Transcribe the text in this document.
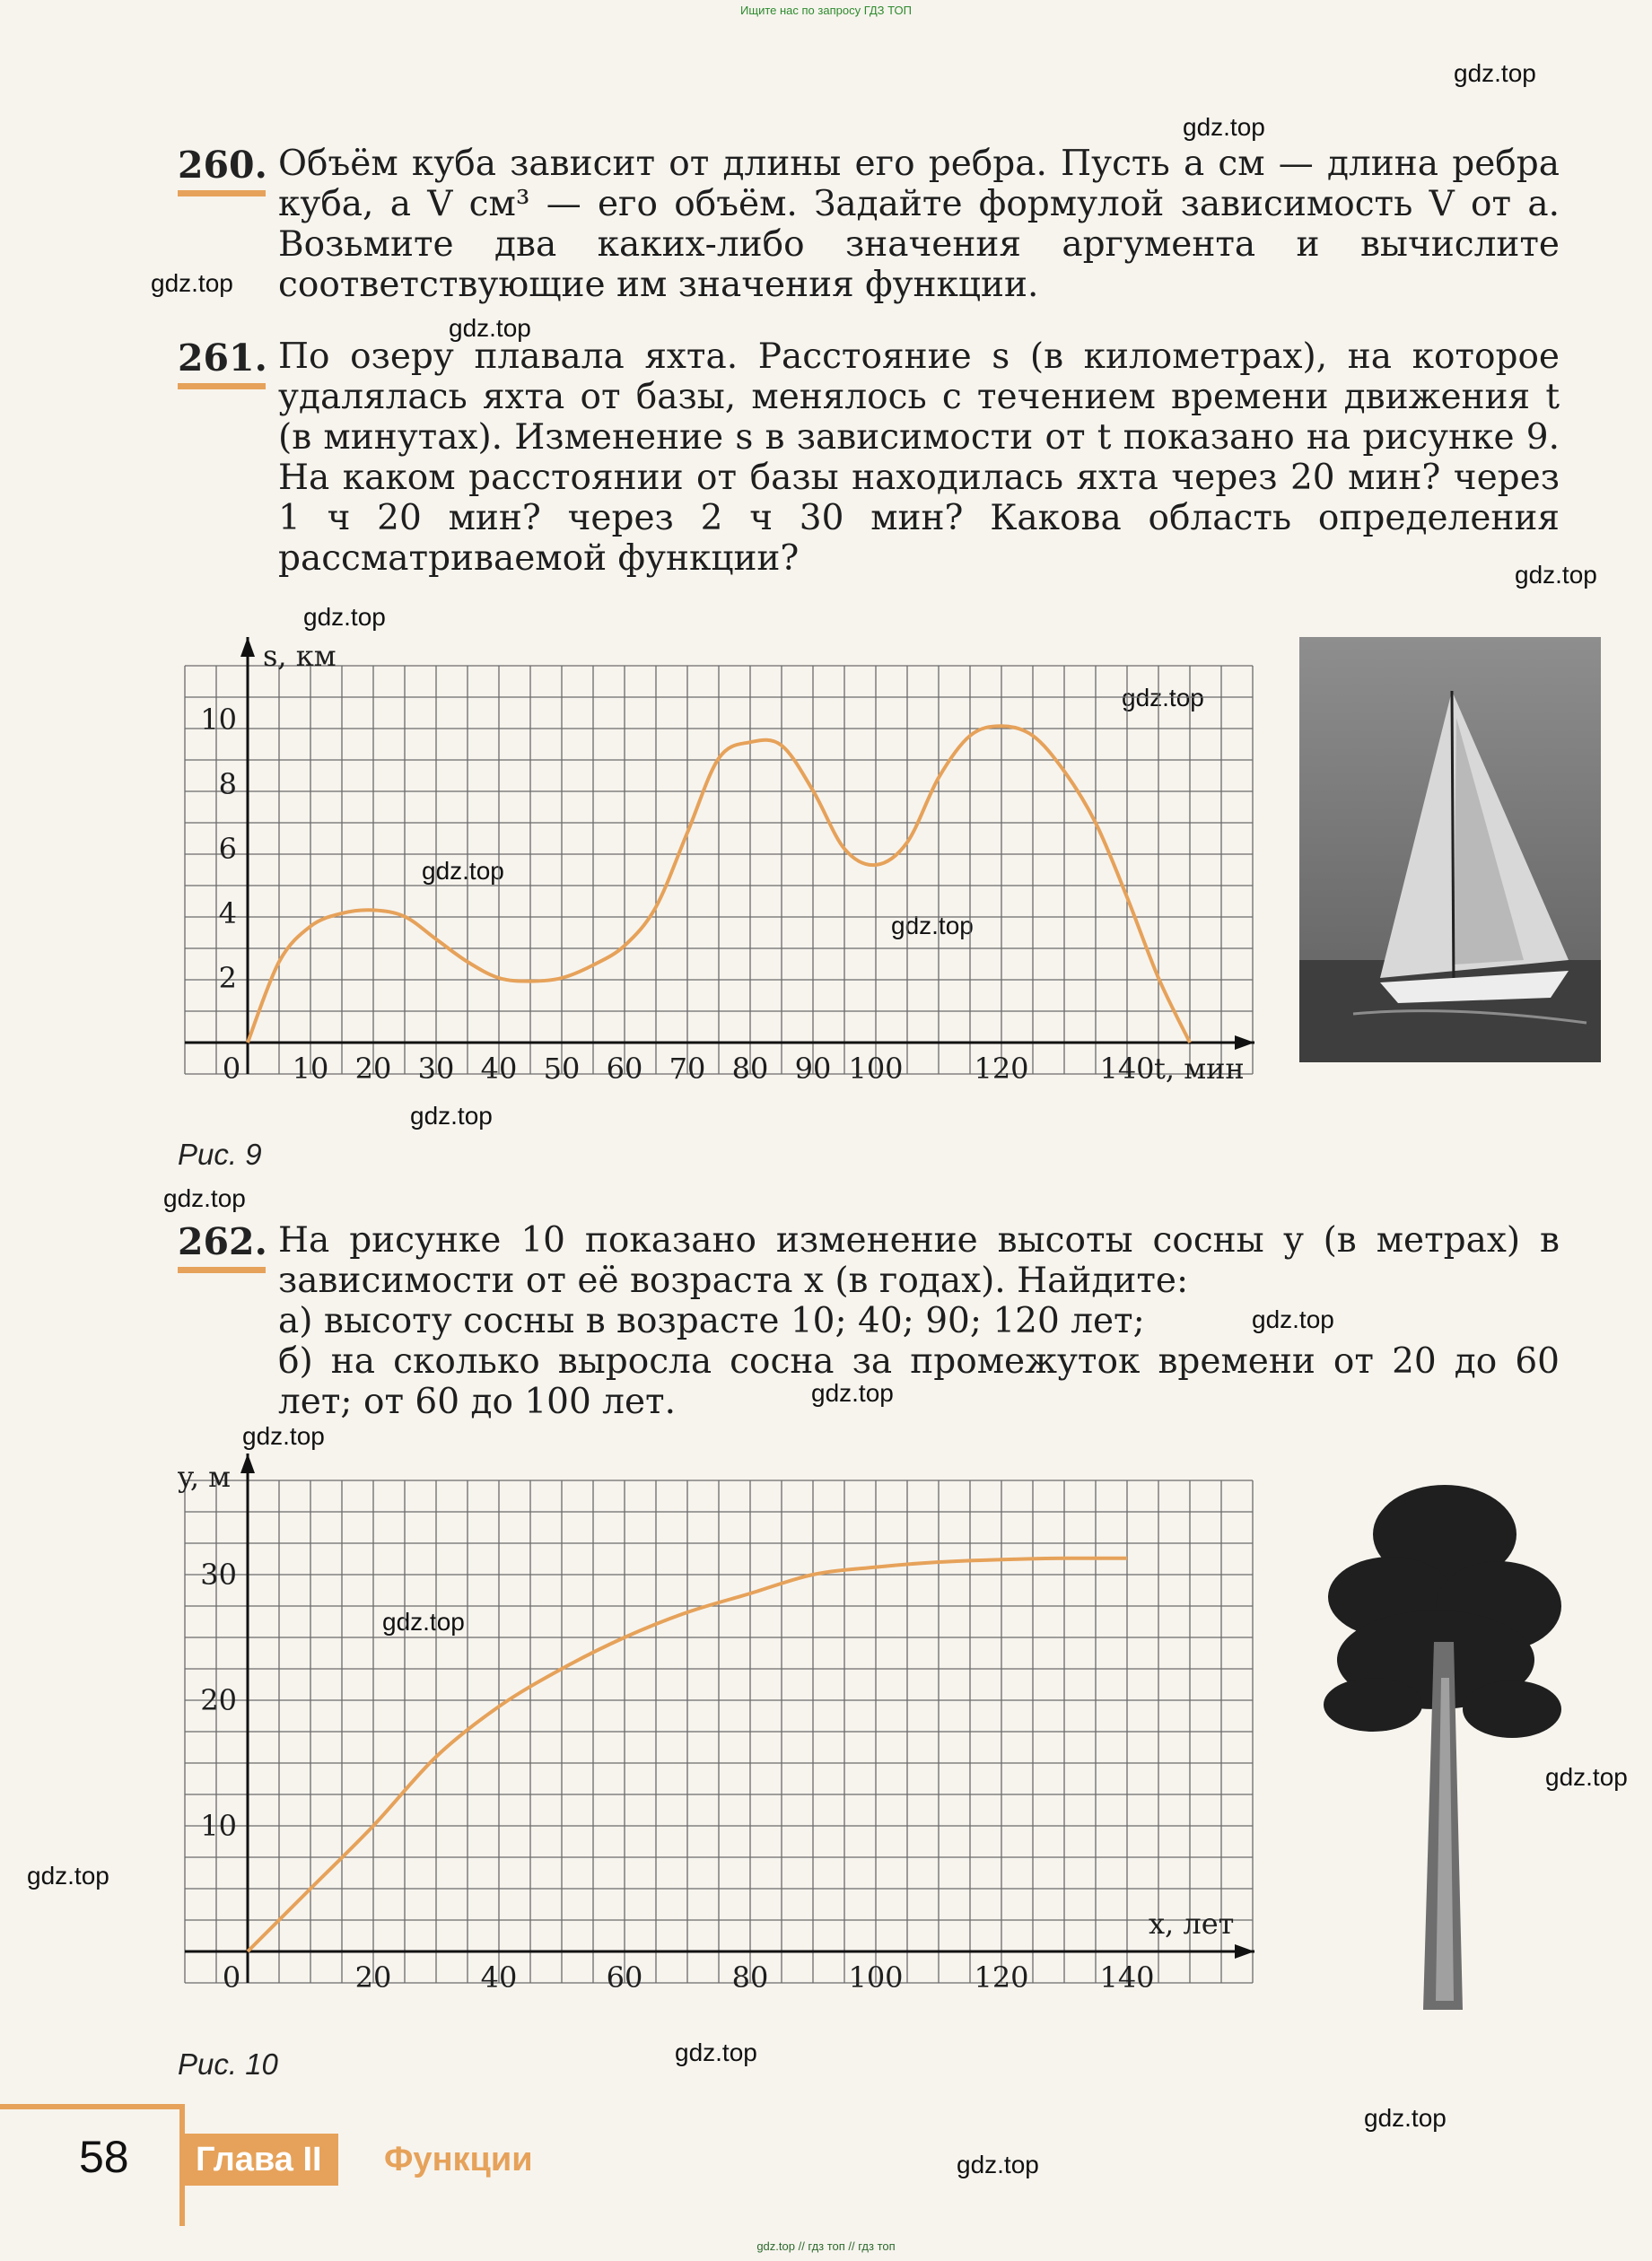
Ищите нас по запросу ГДЗ ТОП
gdz.top
gdz.top
gdz.top
gdz.top
gdz.top
gdz.top
gdz.top
gdz.top
gdz.top
gdz.top
gdz.top
gdz.top
gdz.top
gdz.top
gdz.top
gdz.top
gdz.top
gdz.top
gdz.top
gdz.top
260. Объём куба зависит от длины его ребра. Пусть a см — длина ребра куба, а V см³ — его объём. Задайте формулой зависимость V от a. Возьмите два каких-либо значения аргумента и вычислите соответствующие им значения функции.
261. По озеру плавала яхта. Расстояние s (в километрах), на которое удалялась яхта от базы, менялось с течением времени движения t (в минутах). Изменение s в зависимости от t показано на рисунке 9. На каком расстоянии от базы находилась яхта через 20 мин? через 1 ч 20 мин? через 2 ч 30 мин? Какова область определения рассматриваемой функции?
0 10 20 30 40 50 60 70 80 90 100 120 140
2
4
6
8
10
s, км
t, мин
Рис. 9
262. На рисунке 10 показано изменение высоты сосны y (в метрах) в зависимости от её возраста x (в годах). Найдите:
а) высоту сосны в возрасте 10; 40; 90; 120 лет;
б) на сколько выросла сосна за промежуток времени от 20 до 60 лет; от 60 до 100 лет.
0	20	40	60	80	100 120 140
10
20
30
y, м
x, лет
Рис. 10
58	Глава II	Функции
gdz.top // гдз топ // гдз топ
